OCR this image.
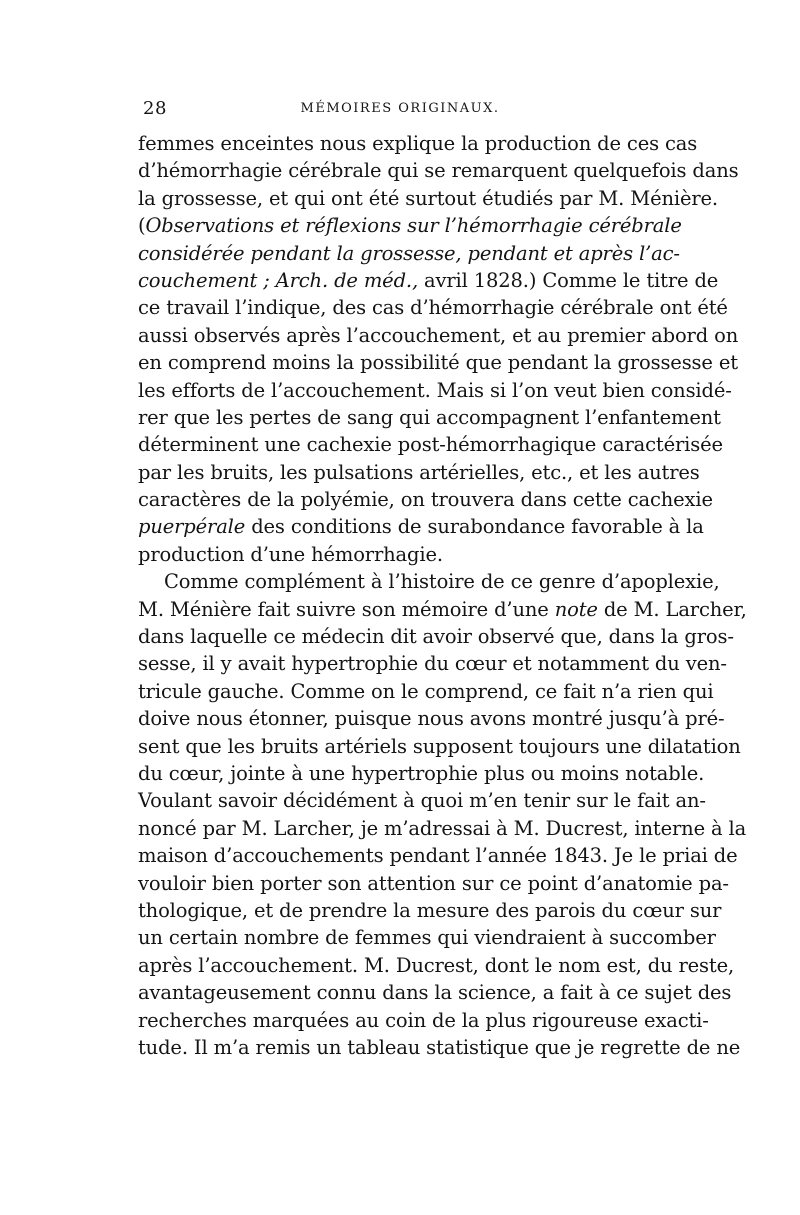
28	MÉMOIRES ORIGINAUX.
femmes enceintes nous explique la production de ces cas
d’hémorrhagie cérébrale qui se remarquent quelquefois dans
la grossesse, et qui ont été surtout étudiés par M. Ménière.
(Observations et réflexions sur l’hémorrhagie cérébrale
considérée pendant la grossesse, pendant et après l’ac-
couchement ; Arch. de méd., avril 1828.) Comme le titre de
ce travail l’indique, des cas d’hémorrhagie cérébrale ont été
aussi observés après l’accouchement, et au premier abord on
en comprend moins la possibilité que pendant la grossesse et
les efforts de l’accouchement. Mais si l’on veut bien considé-
rer que les pertes de sang qui accompagnent l’enfantement
déterminent une cachexie post-hémorrhagique caractérisée
par les bruits, les pulsations artérielles, etc., et les autres
caractères de la polyémie, on trouvera dans cette cachexie
puerpérale des conditions de surabondance favorable à la
production d’une hémorrhagie.
Comme complément à l’histoire de ce genre d’apoplexie,
M. Ménière fait suivre son mémoire d’une note de M. Larcher,
dans laquelle ce médecin dit avoir observé que, dans la gros-
sesse, il y avait hypertrophie du cœur et notamment du ven-
tricule gauche. Comme on le comprend, ce fait n’a rien qui
doive nous étonner, puisque nous avons montré jusqu’à pré-
sent que les bruits artériels supposent toujours une dilatation
du cœur, jointe à une hypertrophie plus ou moins notable.
Voulant savoir décidément à quoi m’en tenir sur le fait an-
noncé par M. Larcher, je m’adressai à M. Ducrest, interne à la
maison d’accouchements pendant l’année 1843. Je le priai de
vouloir bien porter son attention sur ce point d’anatomie pa-
thologique, et de prendre la mesure des parois du cœur sur
un certain nombre de femmes qui viendraient à succomber
après l’accouchement. M. Ducrest, dont le nom est, du reste,
avantageusement connu dans la science, a fait à ce sujet des
recherches marquées au coin de la plus rigoureuse exacti-
tude. Il m’a remis un tableau statistique que je regrette de ne
